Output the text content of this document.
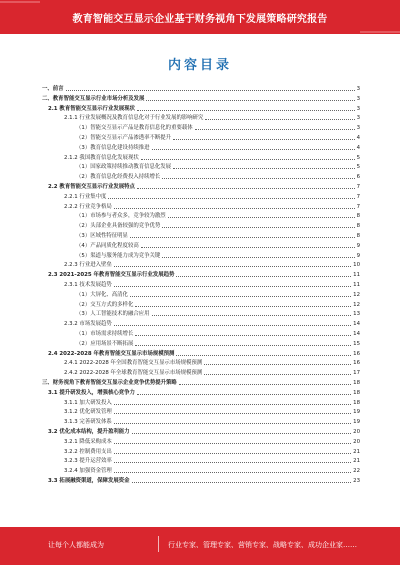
教育智能交互显示企业基于财务视角下发展策略研究报告
内容目录
一、前言	3
二、教育智能交互显示行业市场分析及发展	3
2.1 教育智能交互显示行业发展现状	3
2.1.1 行业发展概况及教育信息化对于行业发展的影响研究	3
（1）智能交互显示产品是教育信息化的重要载体	3
（2）智能交互显示产品渗透率不断提升	4
（3）教育信息化建设持续推进	4
2.1.2 我国教育信息化发展现状	5
（1）国家政策持续推动教育信息化发展	5
（2）教育信息化经费投入持续增长	6
2.2 教育智能交互显示行业发展特点	7
2.2.1 行业集中度	7
2.2.2 行业竞争格局	7
（1）市场参与者众多，竞争较为激烈	8
（2）头部企业具备较强的竞争优势	8
（3）区域性特征明显	8
（4）产品同质化程度较高	9
（5）渠道与服务能力成为竞争关键	9
2.2.3 行业进入壁垒	10
2.3 2021-2025 年教育智能交互显示行业发展趋势	11
2.3.1 技术发展趋势	11
（1）大屏化、高清化	12
（2）交互方式的多样化	12
（3）人工智能技术的融合应用	13
2.3.2 市场发展趋势	14
（1）市场需求持续增长	14
（2）应用场景不断拓展	15
2.4 2022-2028 年教育智能交互显示市场规模预测	16
2.4.1 2022-2028 年全国教育智能交互显示市场规模预测	16
2.4.2 2022-2028 年全球教育智能交互显示市场规模预测	17
三、财务视角下教育智能交互显示企业竞争优势提升策略	18
3.1 提升研发投入，增强核心竞争力	18
3.1.1 加大研发投入	18
3.1.2 优化研发管理	19
3.1.3 完善研发体系	19
3.2 优化成本结构，提升盈利能力	20
3.2.1 降低采购成本	20
3.2.2 控制费用支出	21
3.2.3 提升运营效率	21
3.2.4 加强资金管理	22
3.3 拓展融资渠道，保障发展资金	23
让每个人都能成为	行业专家、管理专家、营销专家、战略专家、成功企业家……
